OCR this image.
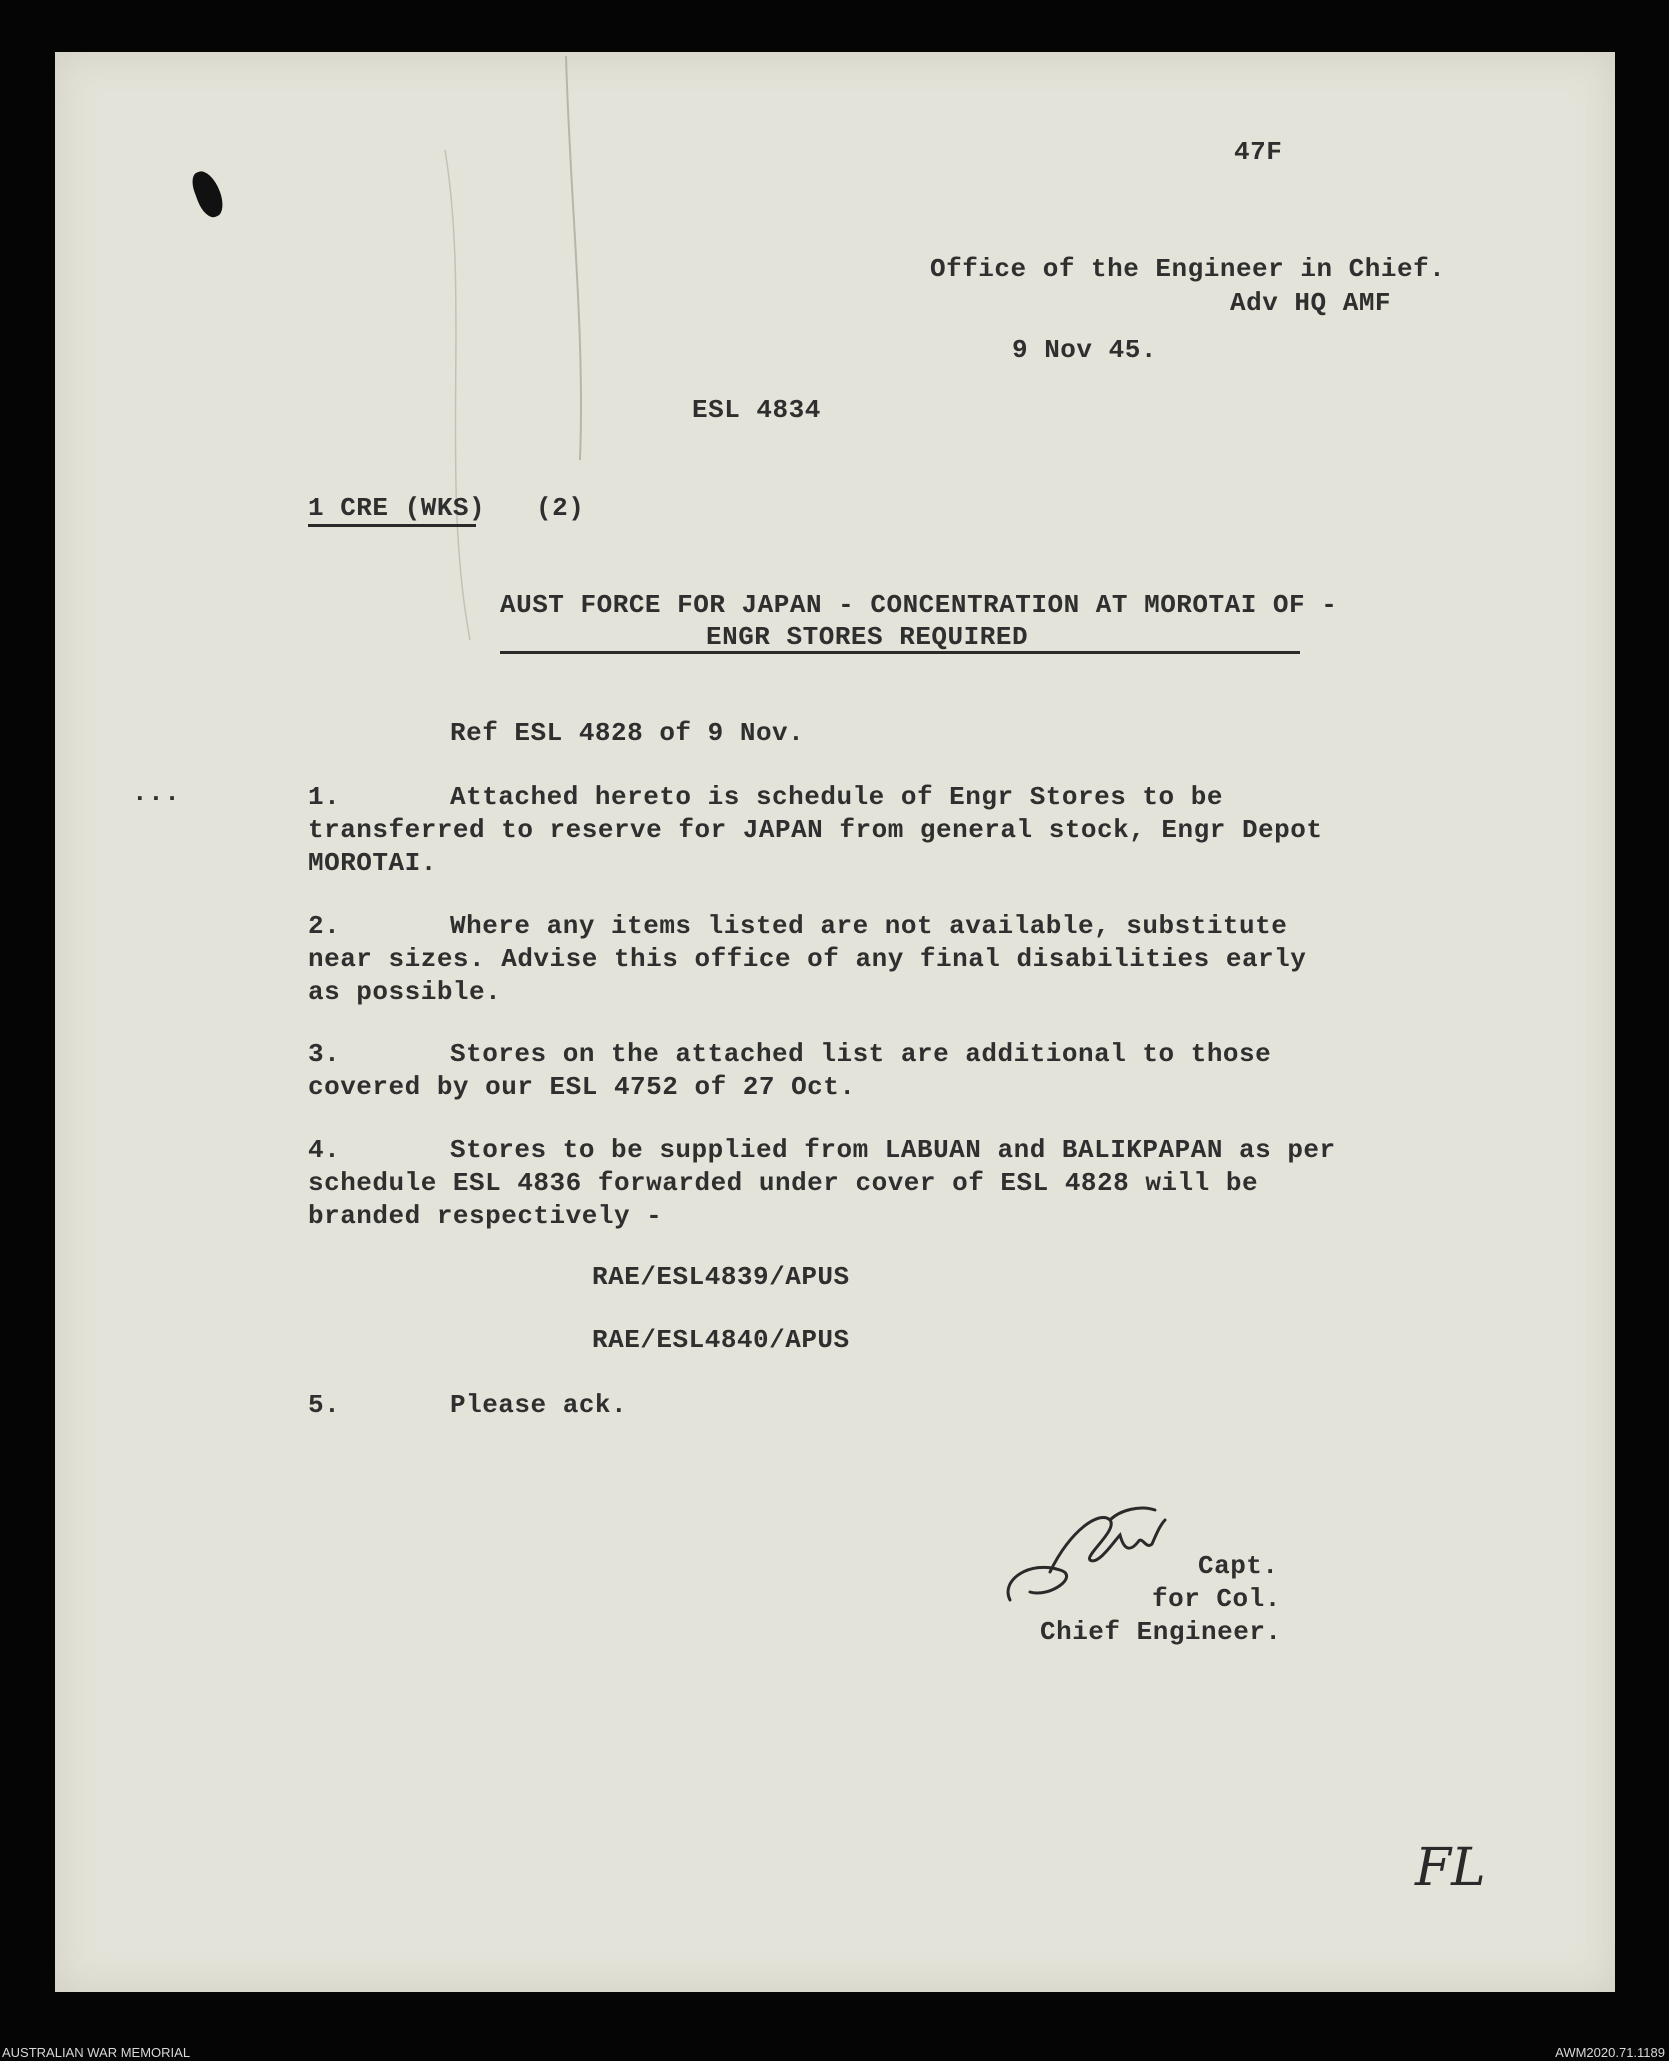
47F
Office of the Engineer in Chief.
Adv HQ AMF
9 Nov 45.
ESL 4834
1 CRE (WKS) (2)
AUST FORCE FOR JAPAN - CONCENTRATION AT MOROTAI OF -
ENGR STORES REQUIRED
Ref ESL 4828 of 9 Nov.
...	1.	Attached hereto is schedule of Engr Stores to be
transferred to reserve for JAPAN from general stock, Engr Depot
MOROTAI.
2.	Where any items listed are not available, substitute
near sizes. Advise this office of any final disabilities early
as possible.
3.	Stores on the attached list are additional to those
covered by our ESL 4752 of 27 Oct.
4.	Stores to be supplied from LABUAN and BALIKPAPAN as per
schedule ESL 4836 forwarded under cover of ESL 4828 will be
branded respectively -
RAE/ESL4839/APUS
RAE/ESL4840/APUS
5.	Please ack.
Capt.
for Col.
Chief Engineer.
FL
AUSTRALIAN WAR MEMORIAL	AWM2020.71.1189
